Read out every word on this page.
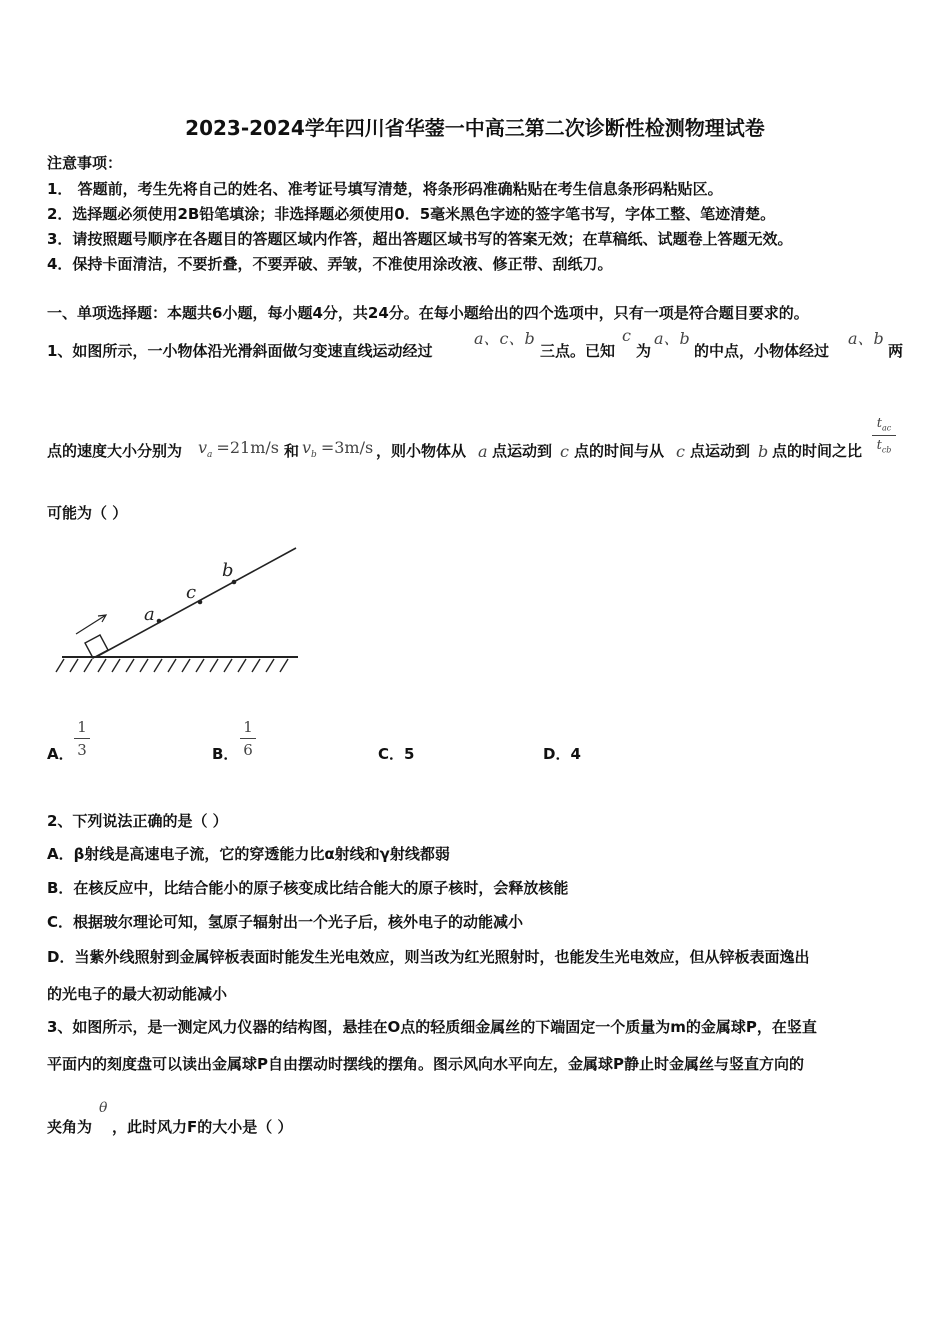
2023-2024学年四川省华蓥一中高三第二次诊断性检测物理试卷
注意事项：
1． 答题前，考生先将自己的姓名、准考证号填写清楚，将条形码准确粘贴在考生信息条形码粘贴区。
2．选择题必须使用2B铅笔填涂；非选择题必须使用0．5毫米黑色字迹的签字笔书写，字体工整、笔迹清楚。
3．请按照题号顺序在各题目的答题区域内作答，超出答题区域书写的答案无效；在草稿纸、试题卷上答题无效。
4．保持卡面清洁，不要折叠，不要弄破、弄皱，不准使用涂改液、修正带、刮纸刀。
一、单项选择题：本题共6小题，每小题4分，共24分。在每小题给出的四个选项中，只有一项是符合题目要求的。
1、如图所示，一小物体沿光滑斜面做匀变速直线运动经过
a、c、b
三点。已知
c
为
a、b
的中点，小物体经过
a、b
两
点的速度大小分别为 $v_a =21m/s$ 和 $v_b =3m/s$ ，则小物体从 a 点运动到 c 点的时间与从 c 点运动到 b 点的时间之比
$t_{ac}$
$t_{cb}$
可能为（ ）
a
c
b
A．
1
3	B．
1
6	C．5	D．4
2、下列说法正确的是（ ）
A．β射线是高速电子流，它的穿透能力比α射线和γ射线都弱
B．在核反应中，比结合能小的原子核变成比结合能大的原子核时，会释放核能
C．根据玻尔理论可知，氢原子辐射出一个光子后，核外电子的动能减小
D．当紫外线照射到金属锌板表面时能发生光电效应，则当改为红光照射时，也能发生光电效应，但从锌板表面逸出
的光电子的最大初动能减小
3、如图所示，是一测定风力仪器的结构图，悬挂在O点的轻质细金属丝的下端固定一个质量为m的金属球P，在竖直
平面内的刻度盘可以读出金属球P自由摆动时摆线的摆角。图示风向水平向左，金属球P静止时金属丝与竖直方向的
夹角为
θ
，此时风力F的大小是（ ）
